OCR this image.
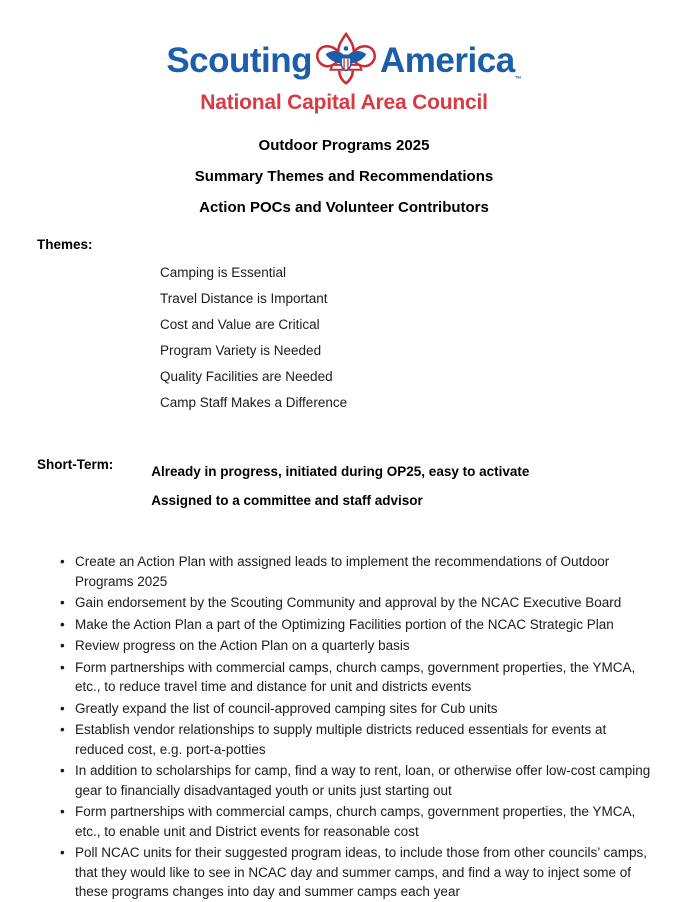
Scouting America ™
National Capital Area Council
Outdoor Programs 2025
Summary Themes and Recommendations
Action POCs and Volunteer Contributors
Themes:
Camping is Essential
Travel Distance is Important
Cost and Value are Critical
Program Variety is Needed
Quality Facilities are Needed
Camp Staff Makes a Difference
Short-Term:	Already in progress, initiated during OP25, easy to activate
Assigned to a committee and staff advisor
• Create an Action Plan with assigned leads to implement the recommendations of Outdoor Programs 2025
• Gain endorsement by the Scouting Community and approval by the NCAC Executive Board
• Make the Action Plan a part of the Optimizing Facilities portion of the NCAC Strategic Plan
• Review progress on the Action Plan on a quarterly basis
• Form partnerships with commercial camps, church camps, government properties, the YMCA, etc., to reduce travel time and distance for unit and districts events
• Greatly expand the list of council-approved camping sites for Cub units
• Establish vendor relationships to supply multiple districts reduced essentials for events at reduced cost, e.g. port-a-potties
• In addition to scholarships for camp, find a way to rent, loan, or otherwise offer low-cost camping gear to financially disadvantaged youth or units just starting out
• Form partnerships with commercial camps, church camps, government properties, the YMCA, etc., to enable unit and District events for reasonable cost
• Poll NCAC units for their suggested program ideas, to include those from other councils’ camps, that they would like to see in NCAC day and summer camps, and find a way to inject some of these programs changes into day and summer camps each year
